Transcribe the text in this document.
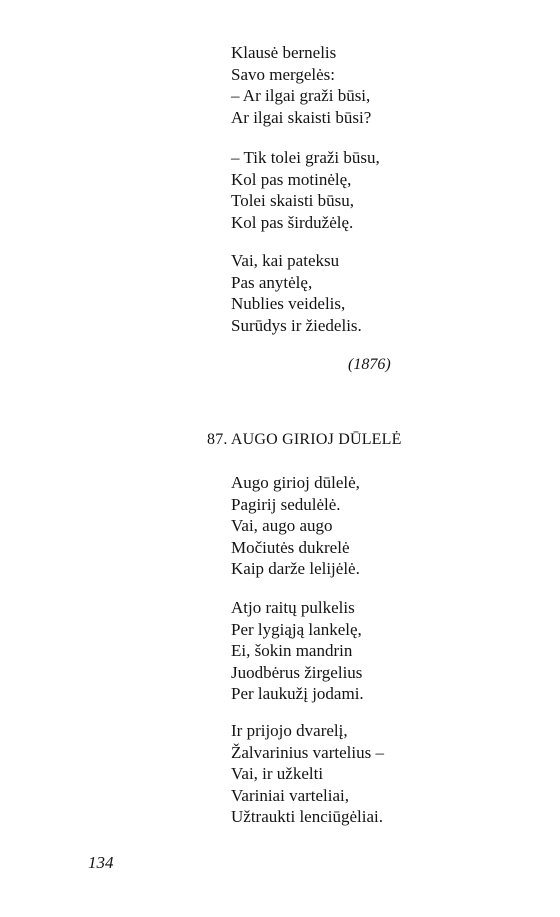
Klausė bernelis
Savo mergelės:
– Ar ilgai graži būsi,
Ar ilgai skaisti būsi?
– Tik tolei graži būsu,
Kol pas motinėlę,
Tolei skaisti būsu,
Kol pas širdužėlę.
Vai, kai pateksu
Pas anytėlę,
Nublies veidelis,
Surūdys ir žiedelis.
(1876)
87. AUGO GIRIOJ DŪLELĖ
Augo girioj dūlelė,
Pagirij sedulėlė.
Vai, augo augo
Močiutės dukrelė
Kaip darže lelijėlė.
Atjo raitų pulkelis
Per lygiąją lankelę,
Ei, šokin mandrin
Juodbėrus žirgelius
Per laukužį jodami.
Ir prijojo dvarelį,
Žalvarinius vartelius –
Vai, ir užkelti
Variniai varteliai,
Užtraukti lenciūgėliai.
134
